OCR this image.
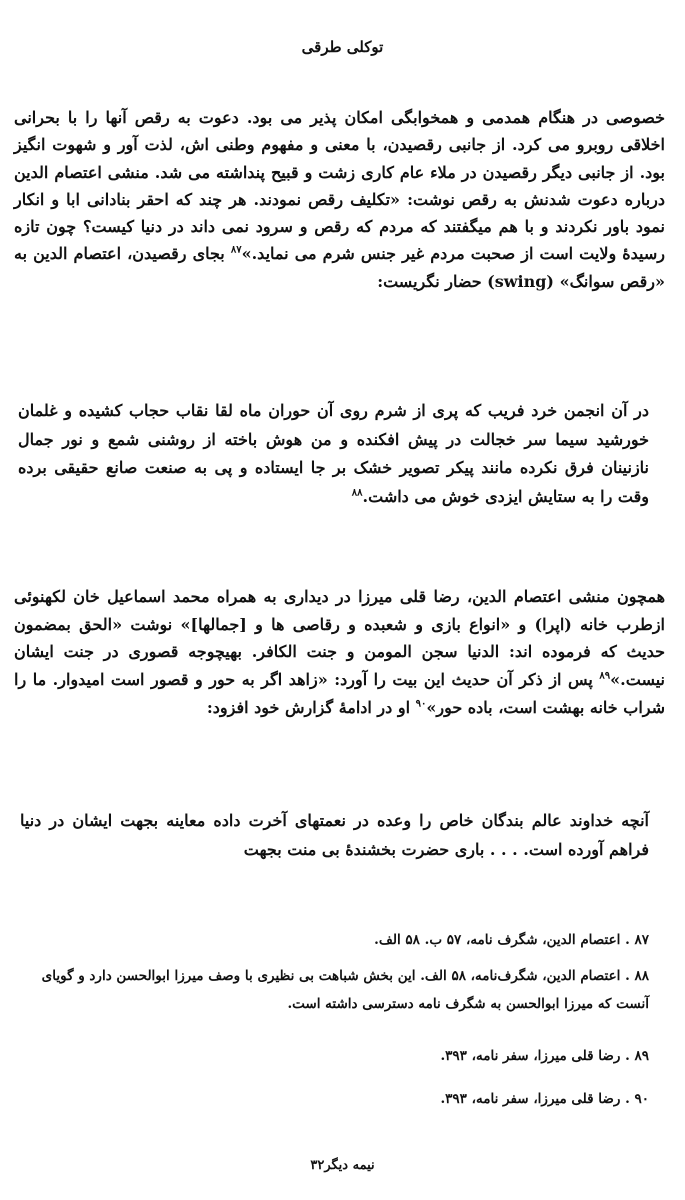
توکلی طرقی

خصوصی در هنگام همدمی و همخوابگی امکان پذیر می بود. دعوت به رقص آنها را با بحرانی اخلاقی روبرو می کرد. از جانبی رقصیدن، با معنی و مفهوم وطنی اش، لذت آور و شهوت انگیز بود. از جانبی دیگر رقصیدن در ملاء عام کاری زشت و قبیح پنداشته می شد. منشی اعتصام الدین درباره دعوت شدنش به رقص نوشت: «تکلیف رقص نمودند. هر چند که احقر بنادانی ابا و انکار نمود باور نکردند و با هم میگفتند که مردم که رقص و سرود نمی داند در دنیا کیست؟ چون تازه رسیدهٔ ولایت است از صحبت مردم غیر جنس شرم می نماید.»$^{۸۷}$ بجای رقصیدن، اعتصام الدین به «رقص سوانگ» (swing) حضار نگریست:

در آن انجمن خرد فریب که پری از شرم روی آن حوران ماه لقا نقاب حجاب کشیده و غلمان خورشید سیما سر خجالت در پیش افکنده و من هوش باخته از روشنی شمع و نور جمال نازنینان فرق نکرده مانند پیکر تصویر خشک بر جا ایستاده و پی به صنعت صانع حقیقی برده وقت را به ستایش ایزدی خوش می داشت.$^{۸۸}$

همچون منشی اعتصام الدین، رضا قلی میرزا در دیداری به همراه محمد اسماعیل خان لکهنوئی ازطرب خانه (اپرا) و «انواع بازی و شعبده و رقاصی ها و [جمالها]» نوشت «الحق بمضمون حدیث که فرموده اند: الدنیا سجن المومن و جنت الکافر. بهیچوجه قصوری در جنت ایشان نیست.»$^{۸۹}$ پس از ذکر آن حدیث این بیت را آورد: «زاهد اگر به حور و قصور است امیدوار. ما را شراب خانه بهشت است، باده حور»$^{۹۰}$ او در ادامهٔ گزارش خود افزود:

آنچه خداوند عالم بندگان خاص را وعده در نعمتهای آخرت داده معاینه بجهت ایشان در دنیا فراهم آورده است. . . . باری حضرت بخشندهٔ بی منت بجهت

۸۷ . اعتصام الدین، شگرف نامه، ۵۷ ب. ۵۸ الف.

۸۸ . اعتصام الدین، شگرف‌نامه، ۵۸ الف. این بخش شباهت بی نظیری با وصف میرزا ابوالحسن دارد و گویای آنست که میرزا ابوالحسن به شگرف نامه دسترسی داشته است.

۸۹ . رضا قلی میرزا، سفر نامه، ۳۹۳.

۹۰ . رضا قلی میرزا، سفر نامه، ۳۹۳.

نیمه دیگر۳۲
